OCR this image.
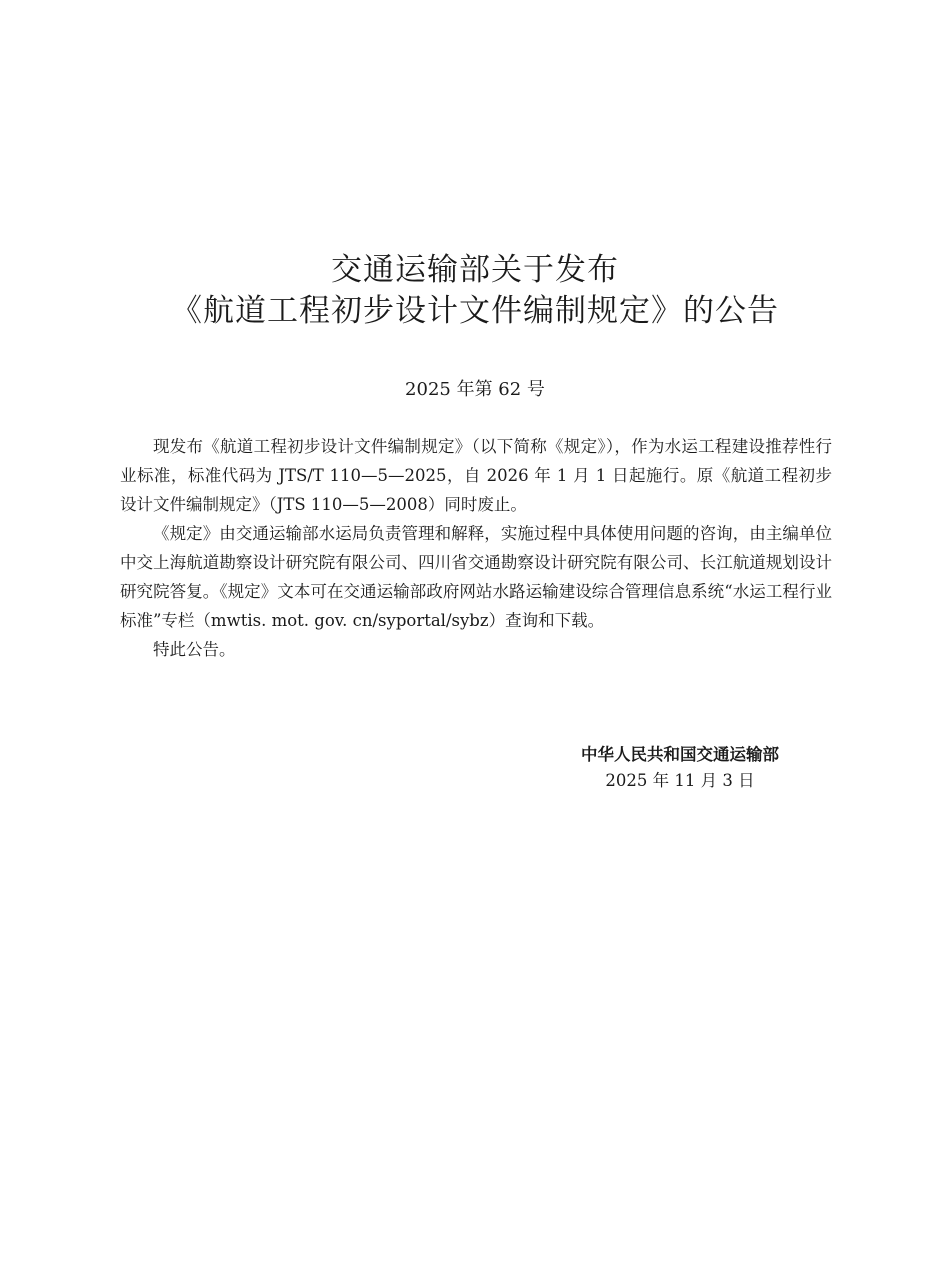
交通运输部关于发布
《航道工程初步设计文件编制规定》的公告
2025 年第 62 号

现发布《航道工程初步设计文件编制规定》（以下简称《规定》），作为水运工程建设推荐性行业标准，标准代码为 JTS/T 110—5—2025，自 2026 年 1 月 1 日起施行。原《航道工程初步设计文件编制规定》（JTS 110—5—2008）同时废止。

《规定》由交通运输部水运局负责管理和解释，实施过程中具体使用问题的咨询，由主编单位中交上海航道勘察设计研究院有限公司、四川省交通勘察设计研究院有限公司、长江航道规划设计研究院答复。《规定》文本可在交通运输部政府网站水路运输建设综合管理信息系统“水运工程行业标准”专栏（mwtis. mot. gov. cn/syportal/sybz）查询和下载。

特此公告。

中华人民共和国交通运输部
2025 年 11 月 3 日
